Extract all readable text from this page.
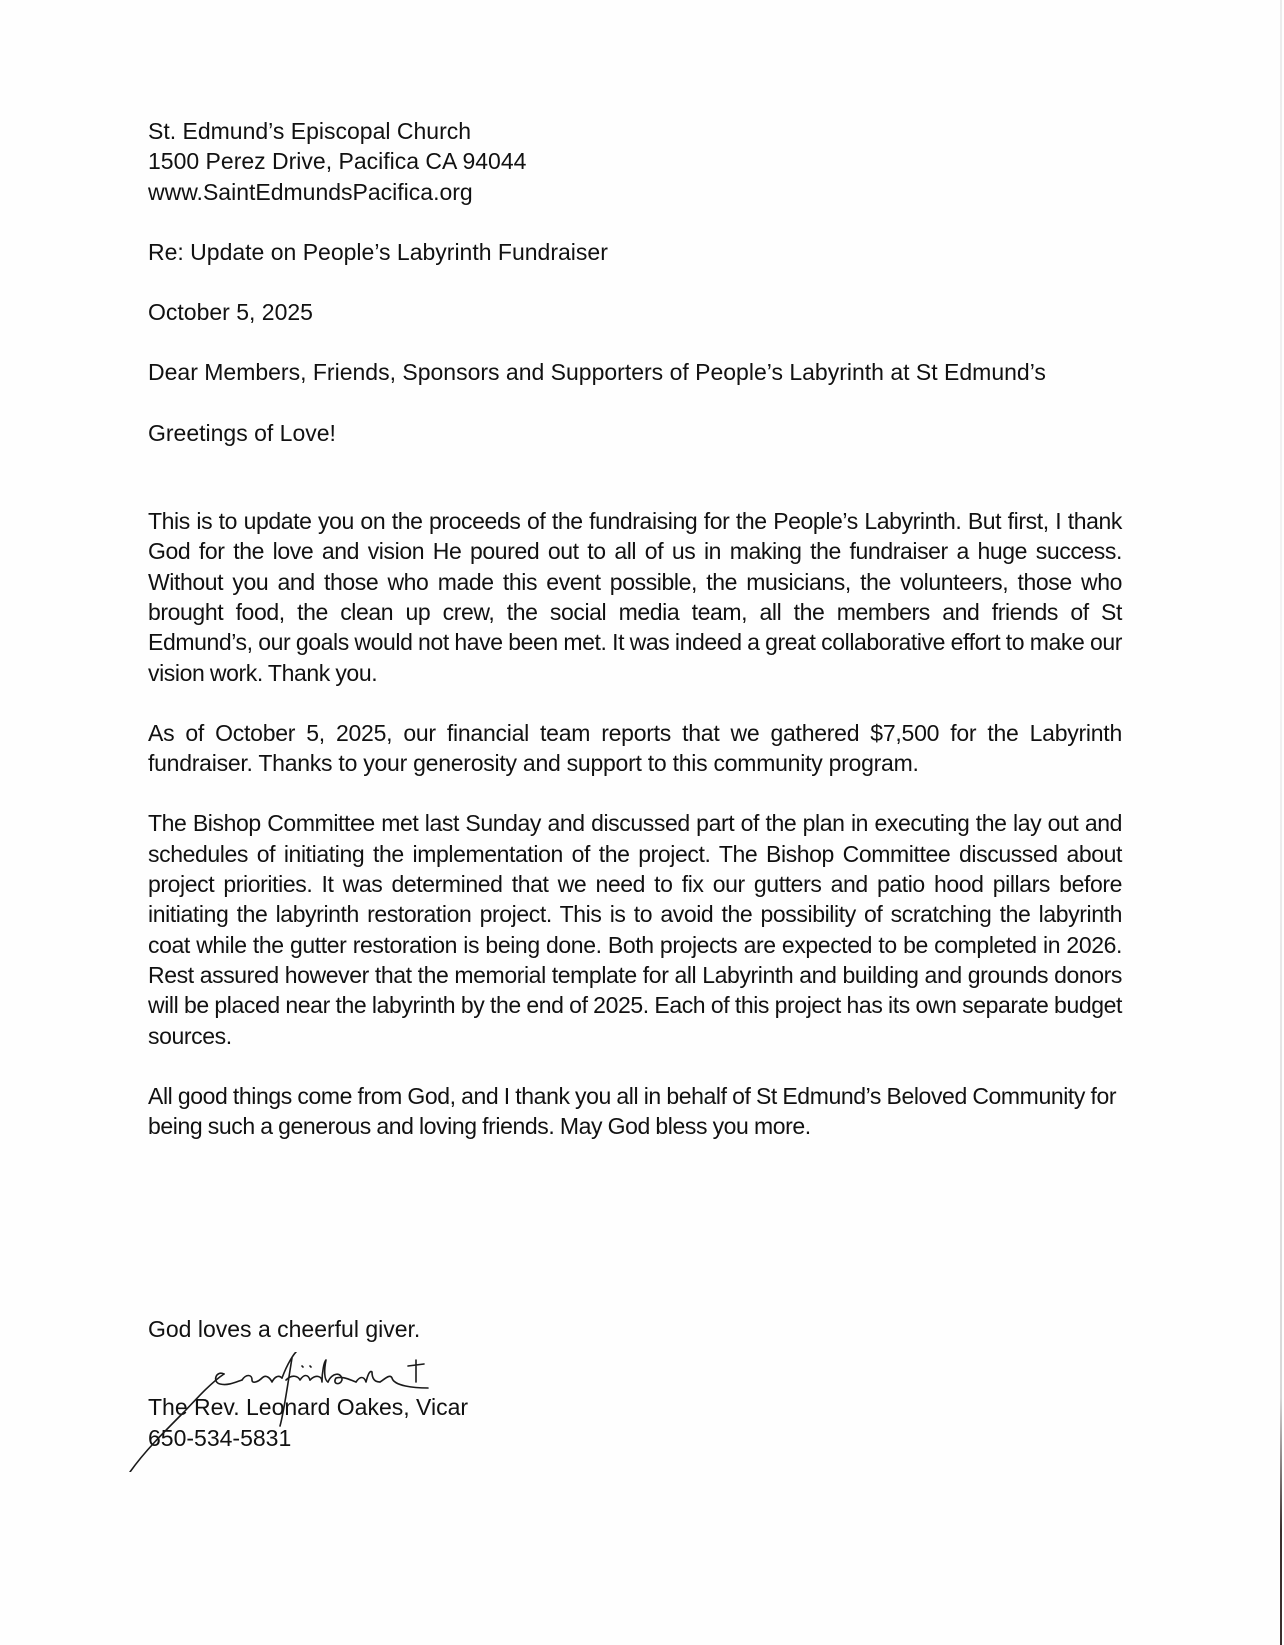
St. Edmund’s Episcopal Church
1500 Perez Drive, Pacifica CA 94044
www.SaintEdmundsPacifica.org

Re: Update on People’s Labyrinth Fundraiser

October 5, 2025

Dear Members, Friends, Sponsors and Supporters of People’s Labyrinth at St Edmund’s

Greetings of Love!

This is to update you on the proceeds of the fundraising for the People’s Labyrinth. But first, I thank God for the love and vision He poured out to all of us in making the fundraiser a huge success. Without you and those who made this event possible, the musicians, the volunteers, those who brought food, the clean up crew, the social media team, all the members and friends of St Edmund’s, our goals would not have been met. It was indeed a great collaborative effort to make our vision work. Thank you.

As of October 5, 2025, our financial team reports that we gathered $7,500 for the Labyrinth fundraiser. Thanks to your generosity and support to this community program.

The Bishop Committee met last Sunday and discussed part of the plan in executing the lay out and schedules of initiating the implementation of the project. The Bishop Committee discussed about project priorities. It was determined that we need to fix our gutters and patio hood pillars before initiating the labyrinth restoration project. This is to avoid the possibility of scratching the labyrinth coat while the gutter restoration is being done. Both projects are expected to be completed in 2026. Rest assured however that the memorial template for all Labyrinth and building and grounds donors will be placed near the labyrinth by the end of 2025. Each of this project has its own separate budget sources.

All good things come from God, and I thank you all in behalf of St Edmund’s Beloved Community for being such a generous and loving friends. May God bless you more.

God loves a cheerful giver.
The Rev. Leonard Oakes, Vicar
650-534-5831
